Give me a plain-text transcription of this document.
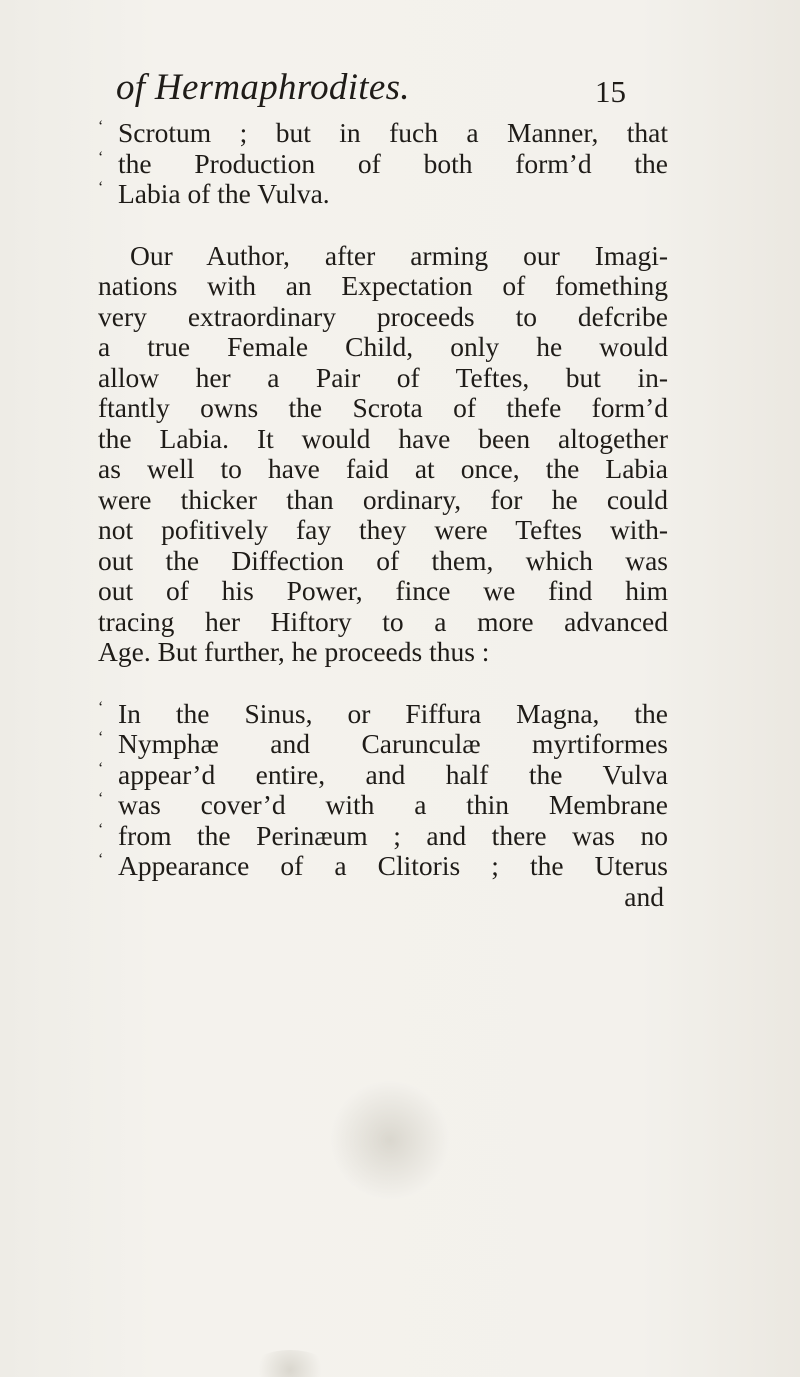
of Hermaphrodites.	15
‘ Scrotum ; but in fuch a Manner, that
‘ the Production of both form’d the
‘ Labia of the Vulva.
Our Author, after arming our Imagi-
nations with an Expectation of fomething
very extraordinary proceeds to defcribe
a true Female Child, only he would
allow her a Pair of Teftes, but in-
ftantly owns the Scrota of thefe form’d
the Labia. It would have been altogether
as well to have faid at once, the Labia
were thicker than ordinary, for he could
not pofitively fay they were Teftes with-
out the Diffection of them, which was
out of his Power, fince we find him
tracing her Hiftory to a more advanced
Age. But further, he proceeds thus :
‘ In the Sinus, or Fiffura Magna, the
‘ Nymphæ and Carunculæ myrtiformes
‘ appear’d entire, and half the Vulva
‘ was cover’d with a thin Membrane
‘ from the Perinæum ; and there was no
‘ Appearance of a Clitoris ; the Uterus
and
